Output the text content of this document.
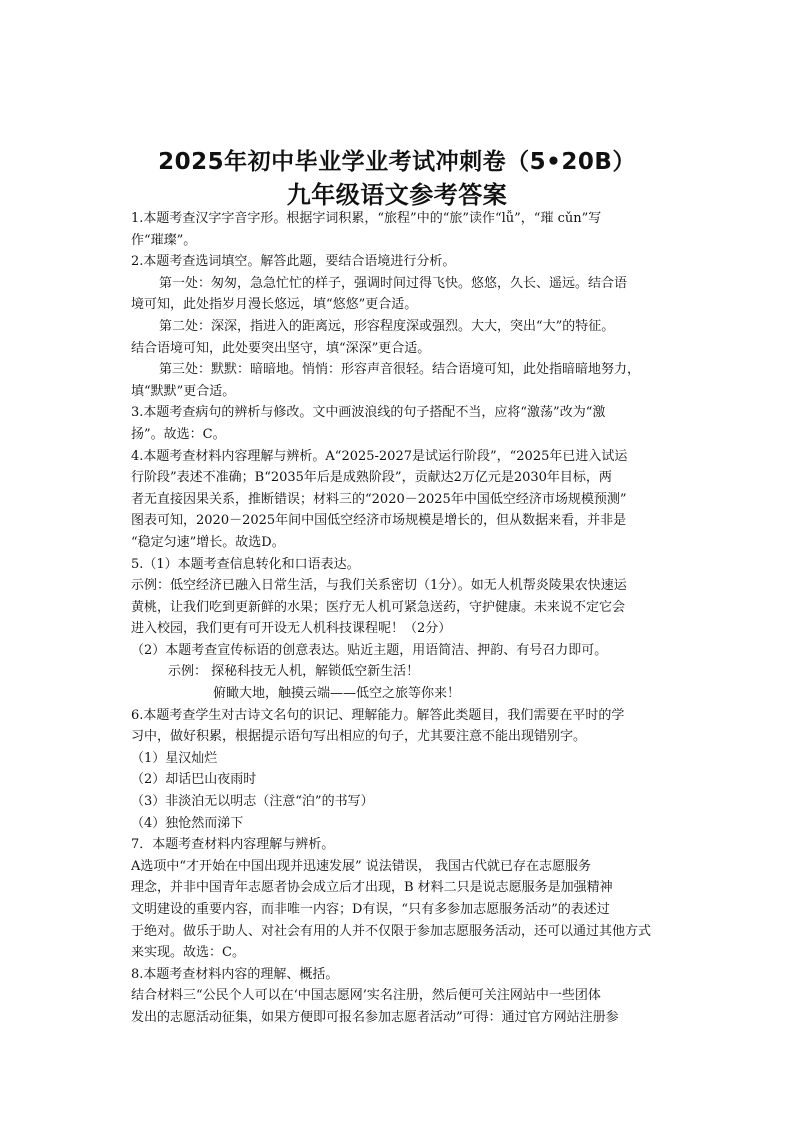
2025年初中毕业学业考试冲刺卷（5•20B）
九年级语文参考答案

1.本题考查汉字字音字形。根据字词积累，“旅程”中的“旅”读作“lǚ”，“璀 cǔn”写

作“璀璨”。

2.本题考查选词填空。解答此题，要结合语境进行分析。

第一处：匆匆，急急忙忙的样子，强调时间过得飞快。悠悠，久长、遥远。结合语

境可知，此处指岁月漫长悠远，填“悠悠”更合适。

第二处：深深，指进入的距离远，形容程度深或强烈。大大，突出“大”的特征。

结合语境可知，此处要突出坚守，填“深深”更合适。

第三处：默默：暗暗地。悄悄：形容声音很轻。结合语境可知，此处指暗暗地努力，

填“默默”更合适。

3.本题考查病句的辨析与修改。文中画波浪线的句子搭配不当，应将“激荡”改为“激

扬”。故选：C。

4.本题考查材料内容理解与辨析。A“2025-2027是试运行阶段”，“2025年已进入试运

行阶段”表述不准确；B“2035年后是成熟阶段”，贡献达2万亿元是2030年目标，两

者无直接因果关系，推断错误；材料三的“2020－2025年中国低空经济市场规模预测”

图表可知，2020－2025年间中国低空经济市场规模是增长的，但从数据来看，并非是

“稳定匀速”增长。故选D。

5.（1）本题考查信息转化和口语表达。

示例：低空经济已融入日常生活，与我们关系密切（1分）。如无人机帮炎陵果农快速运

黄桃，让我们吃到更新鲜的水果；医疗无人机可紧急送药，守护健康。未来说不定它会

进入校园，我们更有可开设无人机科技课程呢！（2分）

（2）本题考查宣传标语的创意表达。贴近主题，用语简洁、押韵、有号召力即可。

示例： 探秘科技无人机，解锁低空新生活！

俯瞰大地，触摸云端——低空之旅等你来！

6.本题考查学生对古诗文名句的识记、理解能力。解答此类题目，我们需要在平时的学

习中，做好积累，根据提示语句写出相应的句子，尤其要注意不能出现错别字。

（1）星汉灿烂

（2）却话巴山夜雨时

（3）非淡泊无以明志（注意“泊”的书写）

（4）独怆然而涕下

7．本题考查材料内容理解与辨析。

A选项中“才开始在中国出现并迅速发展” 说法错误， 我国古代就已存在志愿服务

理念，并非中国青年志愿者协会成立后才出现，B 材料二只是说志愿服务是加强精神

文明建设的重要内容，而非唯一内容；D有误，“只有多参加志愿服务活动”的表述过

于绝对。做乐于助人、对社会有用的人并不仅限于参加志愿服务活动，还可以通过其他方式

来实现。故选：C。

8.本题考查材料内容的理解、概括。

结合材料三“公民个人可以在‘中国志愿网’实名注册，然后便可关注网站中一些团体

发出的志愿活动征集，如果方便即可报名参加志愿者活动”可得：通过官方网站注册参
